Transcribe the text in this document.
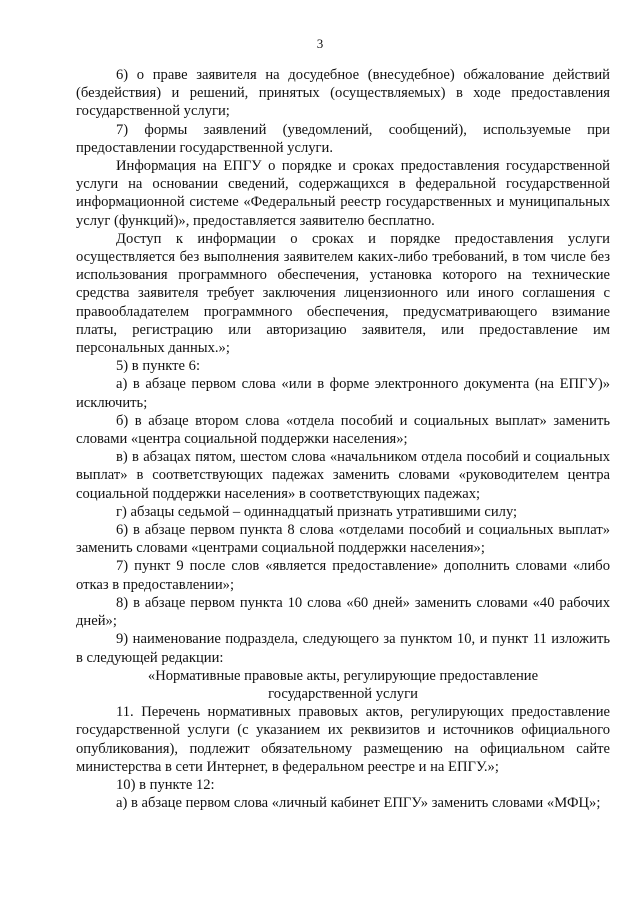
3

6) о праве заявителя на досудебное (внесудебное) обжалование действий (бездействия) и решений, принятых (осуществляемых) в ходе предоставления государственной услуги;

7) формы заявлений (уведомлений, сообщений), используемые при предоставлении государственной услуги.

Информация на ЕПГУ о порядке и сроках предоставления государственной услуги на основании сведений, содержащихся в федеральной государственной информационной системе «Федеральный реестр государственных и муниципальных услуг (функций)», предоставляется заявителю бесплатно.

Доступ к информации о сроках и порядке предоставления услуги осуществляется без выполнения заявителем каких-либо требований, в том числе без использования программного обеспечения, установка которого на технические средства заявителя требует заключения лицензионного или иного соглашения с правообладателем программного обеспечения, предусматривающего взимание платы, регистрацию или авторизацию заявителя, или предоставление им персональных данных.»;

5) в пункте 6:

а) в абзаце первом слова «или в форме электронного документа (на ЕПГУ)» исключить;

б) в абзаце втором слова «отдела пособий и социальных выплат» заменить словами «центра социальной поддержки населения»;

в) в абзацах пятом, шестом слова «начальником отдела пособий и социальных выплат» в соответствующих падежах заменить словами «руководителем центра социальной поддержки населения» в соответствующих падежах;

г) абзацы седьмой – одиннадцатый признать утратившими силу;

6) в абзаце первом пункта 8 слова «отделами пособий и социальных выплат» заменить словами «центрами социальной поддержки населения»;

7) пункт 9 после слов «является предоставление» дополнить словами «либо отказ в предоставлении»;

8) в абзаце первом пункта 10 слова «60 дней» заменить словами «40 рабочих дней»;

9) наименование подраздела, следующего за пунктом 10, и пункт 11 изложить в следующей редакции:

«Нормативные правовые акты, регулирующие предоставление

государственной услуги

11. Перечень нормативных правовых актов, регулирующих предоставление государственной услуги (с указанием их реквизитов и источников официального опубликования), подлежит обязательному размещению на официальном сайте министерства в сети Интернет, в федеральном реестре и на ЕПГУ.»;

10) в пункте 12:

а) в абзаце первом слова «личный кабинет ЕПГУ» заменить словами «МФЦ»;
